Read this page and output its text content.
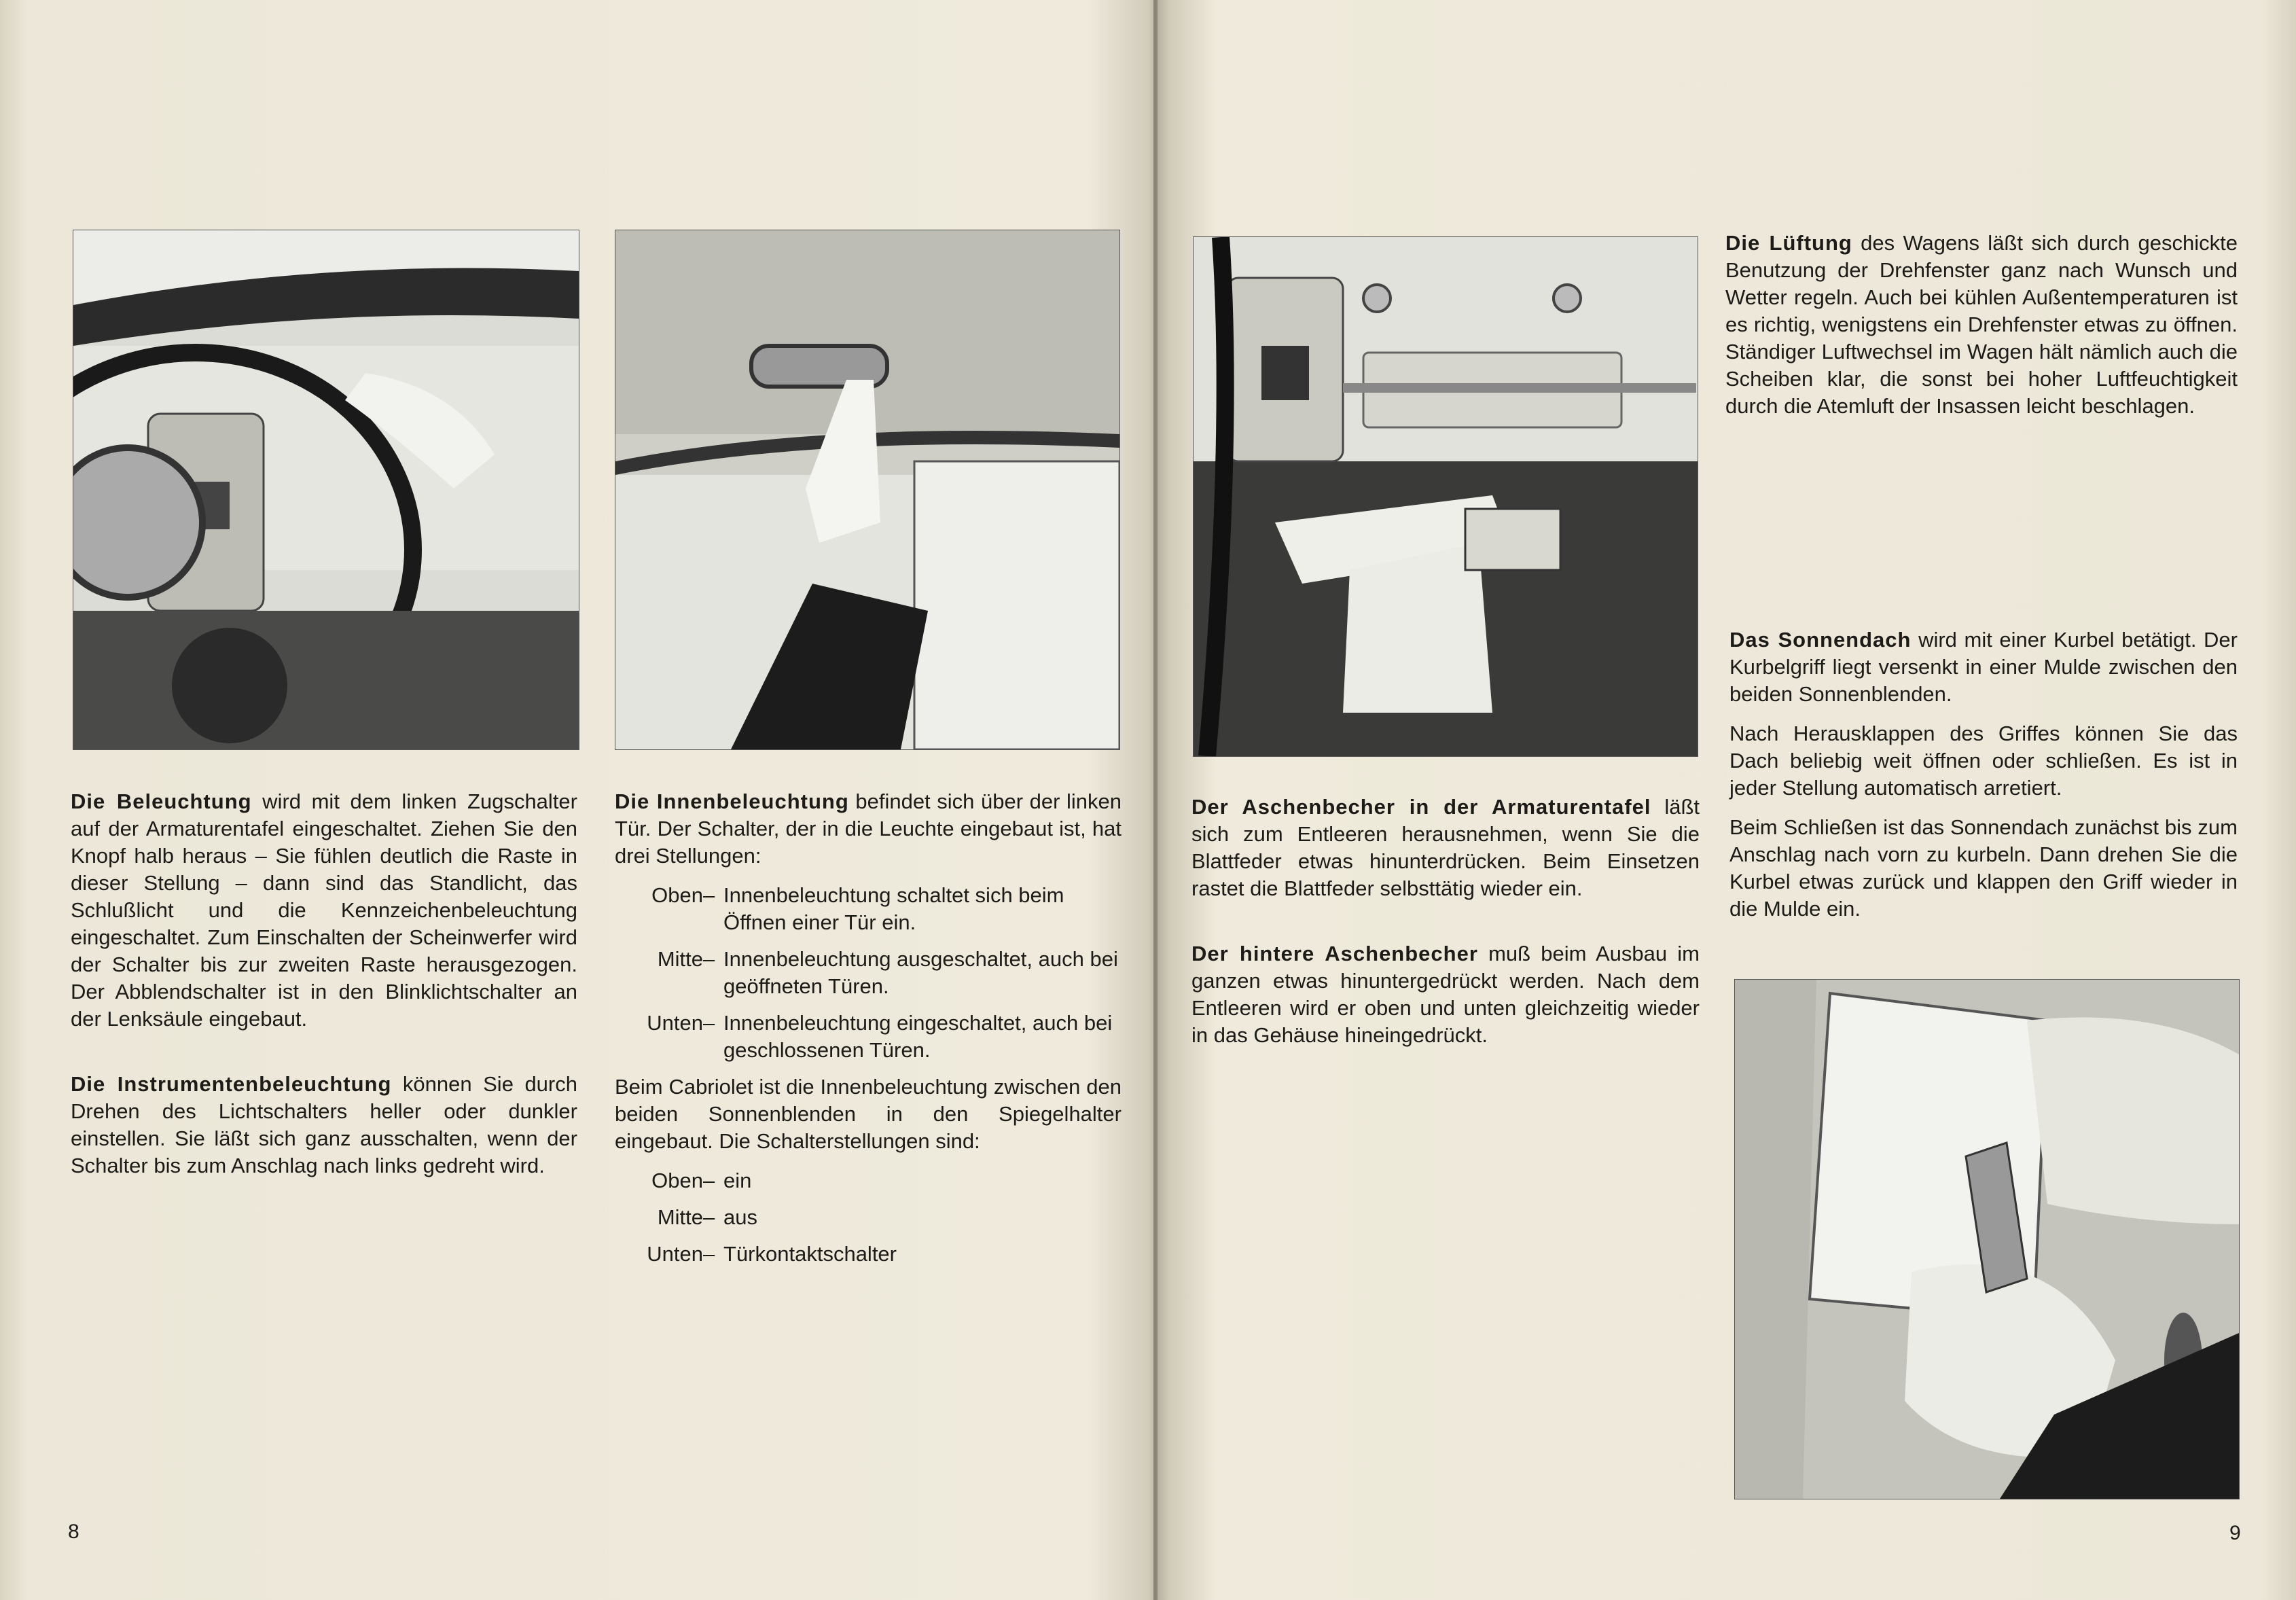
Die Beleuchtung wird mit dem linken Zugschalter auf der Armaturentafel eingeschaltet. Ziehen Sie den Knopf halb heraus – Sie fühlen deutlich die Raste in dieser Stellung – dann sind das Standlicht, das Schlußlicht und die Kennzeichenbeleuchtung eingeschaltet. Zum Einschalten der Scheinwerfer wird der Schalter bis zur zweiten Raste herausgezogen. Der Abblendschalter ist in den Blinklichtschalter an der Lenksäule eingebaut.

Die Instrumentenbeleuchtung können Sie durch Drehen des Lichtschalters heller oder dunkler einstellen. Sie läßt sich ganz ausschalten, wenn der Schalter bis zum Anschlag nach links gedreht wird.

Die Innenbeleuchtung befindet sich über der linken Tür. Der Schalter, der in die Leuchte eingebaut ist, hat drei Stellungen:

Oben – Innenbeleuchtung schaltet sich beim Öffnen einer Tür ein.
Mitte – Innenbeleuchtung ausgeschaltet, auch bei geöffneten Türen.
Unten – Innenbeleuchtung eingeschaltet, auch bei geschlossenen Türen.

Beim Cabriolet ist die Innenbeleuchtung zwischen den beiden Sonnenblenden in den Spiegelhalter eingebaut. Die Schalterstellungen sind:

Oben – ein
Mitte – aus
Unten – Türkontaktschalter
8

Der Aschenbecher in der Armaturentafel läßt sich zum Entleeren herausnehmen, wenn Sie die Blattfeder etwas hinunterdrücken. Beim Einsetzen rastet die Blattfeder selbsttätig wieder ein.

Der hintere Aschenbecher muß beim Ausbau im ganzen etwas hinuntergedrückt werden. Nach dem Entleeren wird er oben und unten gleichzeitig wieder in das Gehäuse hineingedrückt.

Die Lüftung des Wagens läßt sich durch geschickte Benutzung der Drehfenster ganz nach Wunsch und Wetter regeln. Auch bei kühlen Außentemperaturen ist es richtig, wenigstens ein Drehfenster etwas zu öffnen. Ständiger Luftwechsel im Wagen hält nämlich auch die Scheiben klar, die sonst bei hoher Luftfeuchtigkeit durch die Atemluft der Insassen leicht beschlagen.

Das Sonnendach wird mit einer Kurbel betätigt. Der Kurbelgriff liegt versenkt in einer Mulde zwischen den beiden Sonnenblenden.

Nach Herausklappen des Griffes können Sie das Dach beliebig weit öffnen oder schließen. Es ist in jeder Stellung automatisch arretiert.

Beim Schließen ist das Sonnendach zunächst bis zum Anschlag nach vorn zu kurbeln. Dann drehen Sie die Kurbel etwas zurück und klappen den Griff wieder in die Mulde ein.

9
